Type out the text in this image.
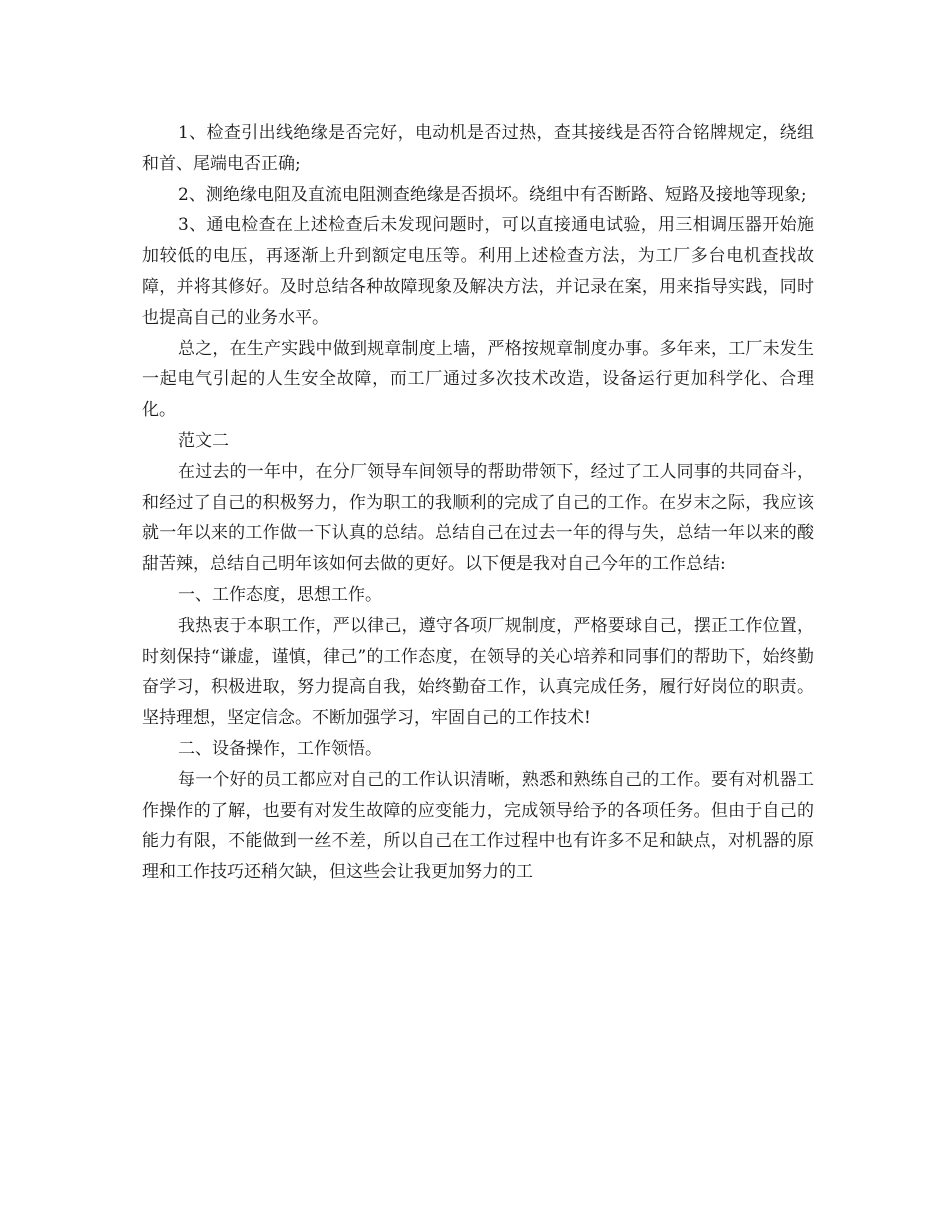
1、检查引出线绝缘是否完好，电动机是否过热，查其接线是否符合铭牌规定，绕组和首、尾端电否正确;

2、测绝缘电阻及直流电阻测查绝缘是否损坏。绕组中有否断路、短路及接地等现象;

3、通电检查在上述检查后未发现问题时，可以直接通电试验，用三相调压器开始施加较低的电压，再逐渐上升到额定电压等。利用上述检查方法，为工厂多台电机查找故障，并将其修好。及时总结各种故障现象及解决方法，并记录在案，用来指导实践，同时也提高自己的业务水平。

总之，在生产实践中做到规章制度上墙，严格按规章制度办事。多年来，工厂未发生一起电气引起的人生安全故障，而工厂通过多次技术改造，设备运行更加科学化、合理化。

范文二

在过去的一年中，在分厂领导车间领导的帮助带领下，经过了工人同事的共同奋斗，和经过了自己的积极努力，作为职工的我顺利的完成了自己的工作。在岁末之际，我应该就一年以来的工作做一下认真的总结。总结自己在过去一年的得与失，总结一年以来的酸甜苦辣，总结自己明年该如何去做的更好。以下便是我对自己今年的工作总结:

一、工作态度，思想工作。

我热衷于本职工作，严以律己，遵守各项厂规制度，严格要球自己，摆正工作位置，时刻保持“谦虚，谨慎，律己”的工作态度，在领导的关心培养和同事们的帮助下，始终勤奋学习，积极进取，努力提高自我，始终勤奋工作，认真完成任务，履行好岗位的职责。坚持理想，坚定信念。不断加强学习，牢固自己的工作技术!

二、设备操作，工作领悟。

每一个好的员工都应对自己的工作认识清晰，熟悉和熟练自己的工作。要有对机器工作操作的了解，也要有对发生故障的应变能力，完成领导给予的各项任务。但由于自己的能力有限，不能做到一丝不差，所以自己在工作过程中也有许多不足和缺点，对机器的原理和工作技巧还稍欠缺，但这些会让我更加努力的工
